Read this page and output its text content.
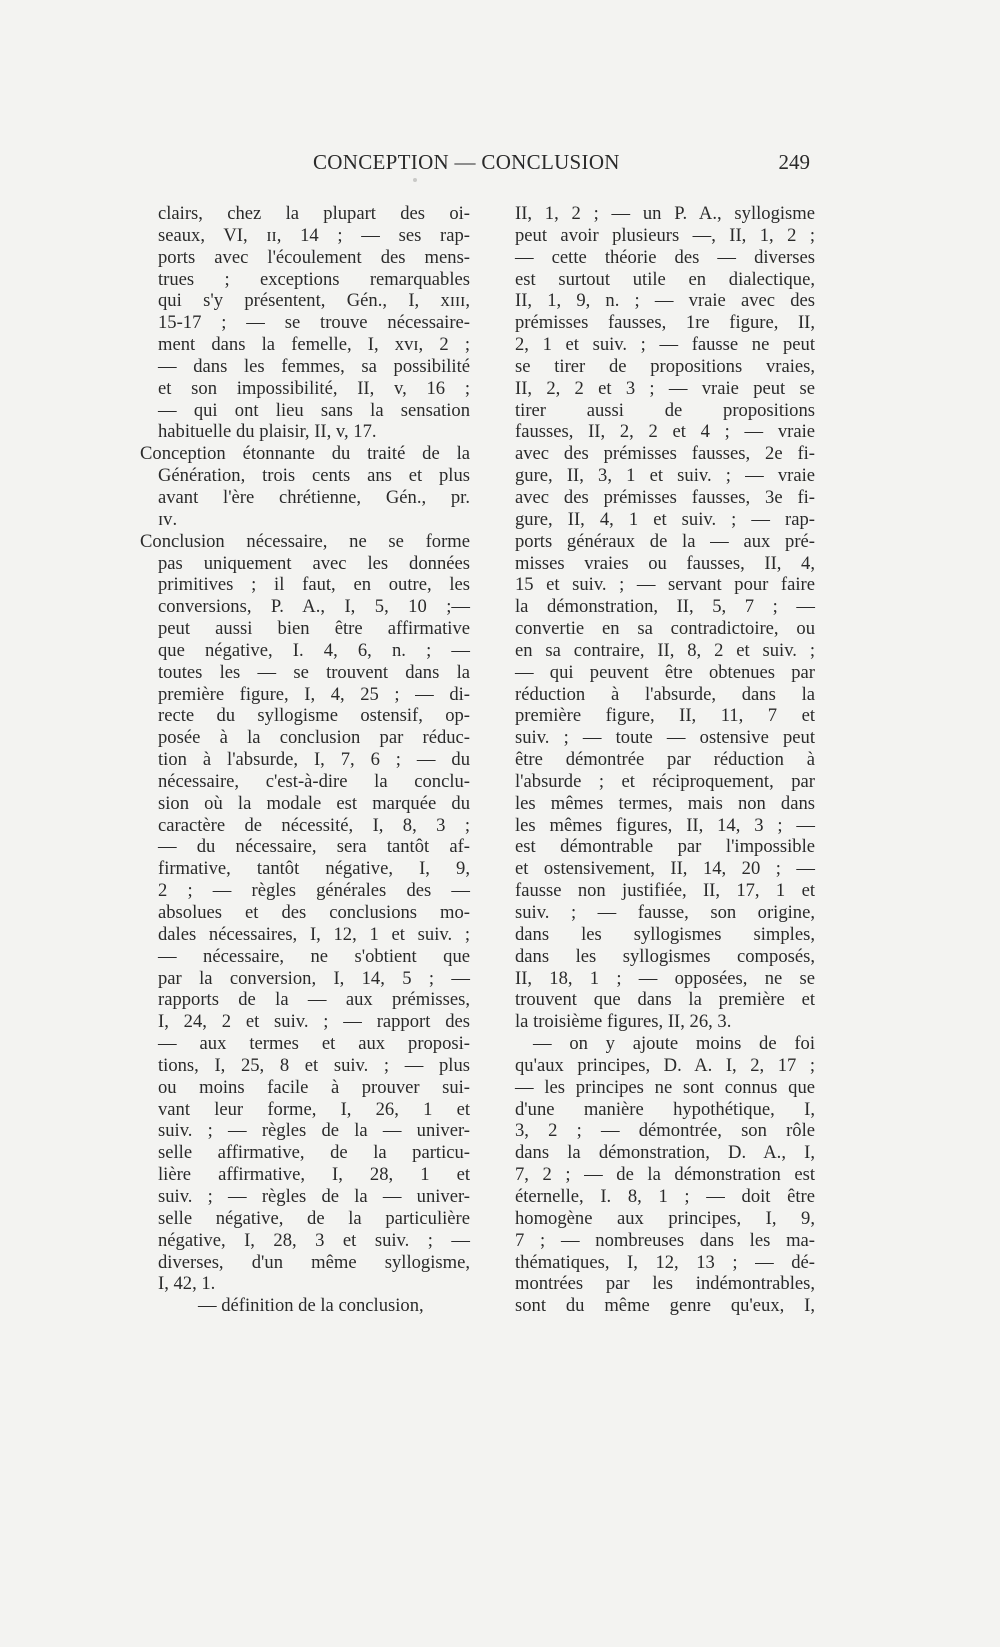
CONCEPTION — CONCLUSION	249
clairs, chez la plupart des oi-
seaux, VI, ɪɪ, 14 ; — ses rap-
ports avec l'écoulement des mens-
trues ; exceptions remarquables
qui s'y présentent, Gén., I, xɪɪɪ,
15-17 ; — se trouve nécessaire-
ment dans la femelle, I, xᴠɪ, 2 ;
— dans les femmes, sa possibilité
et son impossibilité, II, v, 16 ;
— qui ont lieu sans la sensation
habituelle du plaisir, II, v, 17.
Conception étonnante du traité de la
Génération, trois cents ans et plus
avant l'ère chrétienne, Gén., pr.
ɪᴠ.
Conclusion nécessaire, ne se forme
pas uniquement avec les données
primitives ; il faut, en outre, les
conversions, P. A., I, 5, 10 ;—
peut aussi bien être affirmative
que négative, I. 4, 6, n. ; —
toutes les — se trouvent dans la
première figure, I, 4, 25 ; — di-
recte du syllogisme ostensif, op-
posée à la conclusion par réduc-
tion à l'absurde, I, 7, 6 ; — du
nécessaire, c'est-à-dire la conclu-
sion où la modale est marquée du
caractère de nécessité, I, 8, 3 ;
— du nécessaire, sera tantôt af-
firmative, tantôt négative, I, 9,
2 ; — règles générales des —
absolues et des conclusions mo-
dales nécessaires, I, 12, 1 et suiv. ;
— nécessaire, ne s'obtient que
par la conversion, I, 14, 5 ; —
rapports de la — aux prémisses,
I, 24, 2 et suiv. ; — rapport des
— aux termes et aux proposi-
tions, I, 25, 8 et suiv. ; — plus
ou moins facile à prouver sui-
vant leur forme, I, 26, 1 et
suiv. ; — règles de la — univer-
selle affirmative, de la particu-
lière affirmative, I, 28, 1 et
suiv. ; — règles de la — univer-
selle négative, de la particulière
négative, I, 28, 3 et suiv. ; —
diverses, d'un même syllogisme,
I, 42, 1.
— définition de la conclusion,
II, 1, 2 ; — un P. A., syllogisme
peut avoir plusieurs —, II, 1, 2 ;
— cette théorie des — diverses
est surtout utile en dialectique,
II, 1, 9, n. ; — vraie avec des
prémisses fausses, 1re figure, II,
2, 1 et suiv. ; — fausse ne peut
se tirer de propositions vraies,
II, 2, 2 et 3 ; — vraie peut se
tirer aussi de propositions
fausses, II, 2, 2 et 4 ; — vraie
avec des prémisses fausses, 2e fi-
gure, II, 3, 1 et suiv. ; — vraie
avec des prémisses fausses, 3e fi-
gure, II, 4, 1 et suiv. ; — rap-
ports généraux de la — aux pré-
misses vraies ou fausses, II, 4,
15 et suiv. ; — servant pour faire
la démonstration, II, 5, 7 ; —
convertie en sa contradictoire, ou
en sa contraire, II, 8, 2 et suiv. ;
— qui peuvent être obtenues par
réduction à l'absurde, dans la
première figure, II, 11, 7 et
suiv. ; — toute — ostensive peut
être démontrée par réduction à
l'absurde ; et réciproquement, par
les mêmes termes, mais non dans
les mêmes figures, II, 14, 3 ; —
est démontrable par l'impossible
et ostensivement, II, 14, 20 ; —
fausse non justifiée, II, 17, 1 et
suiv. ; — fausse, son origine,
dans les syllogismes simples,
dans les syllogismes composés,
II, 18, 1 ; — opposées, ne se
trouvent que dans la première et
la troisième figures, II, 26, 3.
— on y ajoute moins de foi
qu'aux principes, D. A. I, 2, 17 ;
— les principes ne sont connus que
d'une manière hypothétique, I,
3, 2 ; — démontrée, son rôle
dans la démonstration, D. A., I,
7, 2 ; — de la démonstration est
éternelle, I. 8, 1 ; — doit être
homogène aux principes, I, 9,
7 ; — nombreuses dans les ma-
thématiques, I, 12, 13 ; — dé-
montrées par les indémontrables,
sont du même genre qu'eux, I,
